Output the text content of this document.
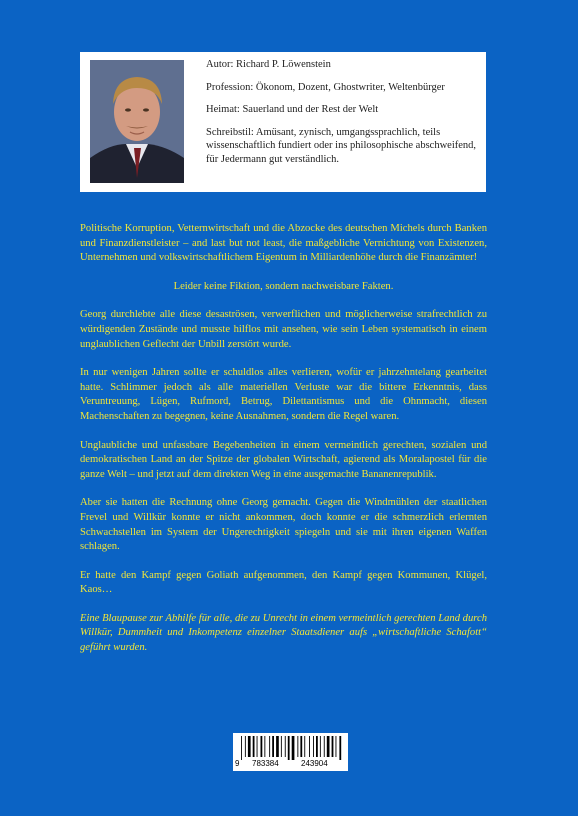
Autor: Richard P. Löwenstein

Profession: Ökonom, Dozent, Ghostwriter, Weltenbürger

Heimat: Sauerland und der Rest der Welt

Schreibstil: Amüsant, zynisch, umgangssprachlich, teils wissenschaftlich fundiert oder ins philosophische abschweifend, für Jedermann gut verständlich.

Politische Korruption, Vetternwirtschaft und die Abzocke des deutschen Michels durch Banken und Finanzdienstleister – and last but not least, die maßgebliche Vernichtung von Existenzen, Unternehmen und volkswirtschaftlichem Eigentum in Milliardenhöhe durch die Finanzämter!

Leider keine Fiktion, sondern nachweisbare Fakten.

Georg durchlebte alle diese desaströsen, verwerflichen und möglicherweise strafrechtlich zu würdigenden Zustände und musste hilflos mit ansehen, wie sein Leben systematisch in einem unglaublichen Geflecht der Unbill zerstört wurde.

In nur wenigen Jahren sollte er schuldlos alles verlieren, wofür er jahrzehntelang gearbeitet hatte. Schlimmer jedoch als alle materiellen Verluste war die bittere Erkenntnis, dass Veruntreuung, Lügen, Rufmord, Betrug, Dilettantismus und die Ohnmacht, diesen Machenschaften zu begegnen, keine Ausnahmen, sondern die Regel waren.

Unglaubliche und unfassbare Begebenheiten in einem vermeintlich gerechten, sozialen und demokratischen Land an der Spitze der globalen Wirtschaft, agierend als Moralapostel für die ganze Welt – und jetzt auf dem direkten Weg in eine ausgemachte Bananenrepublik.

Aber sie hatten die Rechnung ohne Georg gemacht. Gegen die Windmühlen der staatlichen Frevel und Willkür konnte er nicht ankommen, doch konnte er die schmerzlich erlernten Schwachstellen im System der Ungerechtigkeit spiegeln und sie mit ihren eigenen Waffen schlagen.

Er hatte den Kampf gegen Goliath aufgenommen, den Kampf gegen Kommunen, Klügel, Kaos…

Eine Blaupause zur Abhilfe für alle, die zu Unrecht in einem vermeintlich gerechten Land durch Willkür, Dummheit und Inkompetenz einzelner Staatsdiener aufs „wirtschaftliche Schafott“ geführt wurden.

9 783384	243904
